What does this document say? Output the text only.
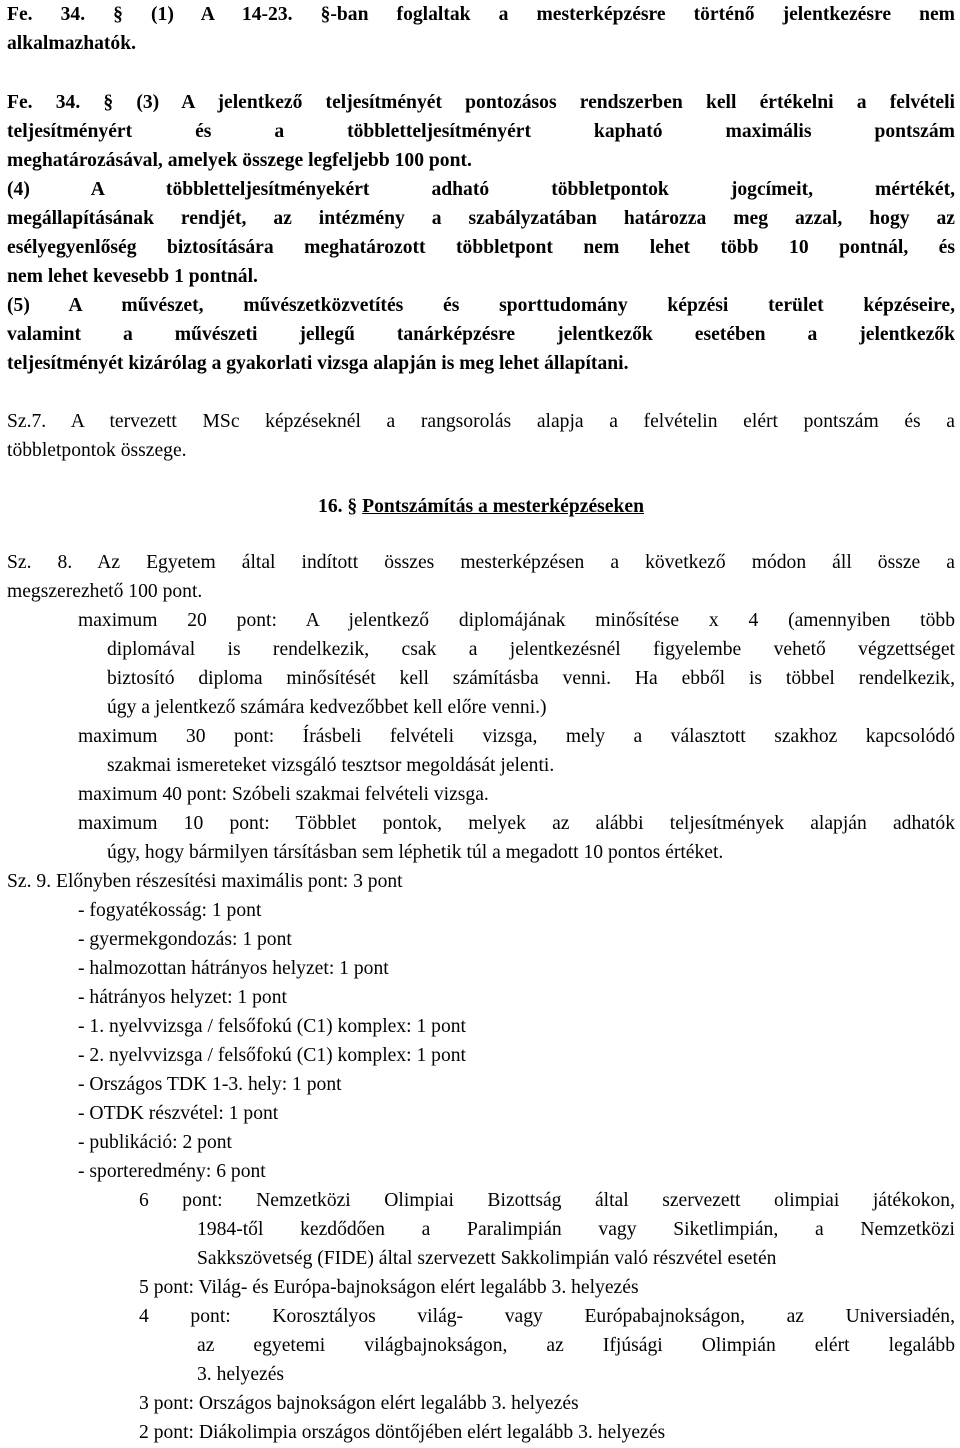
Fe. 34. § (1) A 14-23. §-ban foglaltak a mesterképzésre történő jelentkezésre nem
alkalmazhatók.
Fe. 34. § (3) A jelentkező teljesítményét pontozásos rendszerben kell értékelni a felvételi
teljesítményért és a többletteljesítményért kapható maximális pontszám
meghatározásával, amelyek összege legfeljebb 100 pont.
(4) A többletteljesítményekért adható többletpontok jogcímeit, mértékét,
megállapításának rendjét, az intézmény a szabályzatában határozza meg azzal, hogy az
esélyegyenlőség biztosítására meghatározott többletpont nem lehet több 10 pontnál, és
nem lehet kevesebb 1 pontnál.
(5) A művészet, művészetközvetítés és sporttudomány képzési terület képzéseire,
valamint a művészeti jellegű tanárképzésre jelentkezők esetében a jelentkezők
teljesítményét kizárólag a gyakorlati vizsga alapján is meg lehet állapítani.
Sz.7. A tervezett MSc képzéseknél a rangsorolás alapja a felvételin elért pontszám és a
többletpontok összege.
16. § Pontszámítás a mesterképzéseken
Sz. 8. Az Egyetem által indított összes mesterképzésen a következő módon áll össze a
megszerezhető 100 pont.
maximum 20 pont: A jelentkező diplomájának minősítése x 4 (amennyiben több
diplomával is rendelkezik, csak a jelentkezésnél figyelembe vehető végzettséget
biztosító diploma minősítését kell számításba venni. Ha ebből is többel rendelkezik,
úgy a jelentkező számára kedvezőbbet kell előre venni.)
maximum 30 pont: Írásbeli felvételi vizsga, mely a választott szakhoz kapcsolódó
szakmai ismereteket vizsgáló tesztsor megoldását jelenti.
maximum 40 pont: Szóbeli szakmai felvételi vizsga.
maximum 10 pont: Többlet pontok, melyek az alábbi teljesítmények alapján adhatók
úgy, hogy bármilyen társításban sem léphetik túl a megadott 10 pontos értéket.
Sz. 9. Előnyben részesítési maximális pont: 3 pont
- fogyatékosság: 1 pont
- gyermekgondozás: 1 pont
- halmozottan hátrányos helyzet: 1 pont
- hátrányos helyzet: 1 pont
- 1. nyelvvizsga / felsőfokú (C1) komplex: 1 pont
- 2. nyelvvizsga / felsőfokú (C1) komplex: 1 pont
- Országos TDK 1-3. hely: 1 pont
- OTDK részvétel: 1 pont
- publikáció: 2 pont
- sporteredmény: 6 pont
6 pont: Nemzetközi Olimpiai Bizottság által szervezett olimpiai játékokon,
1984-től kezdődően a Paralimpián vagy Siketlimpián, a Nemzetközi
Sakkszövetség (FIDE) által szervezett Sakkolimpián való részvétel esetén
5 pont: Világ- és Európa-bajnokságon elért legalább 3. helyezés
4 pont: Korosztályos világ- vagy Európabajnokságon, az Universiadén,
az egyetemi világbajnokságon, az Ifjúsági Olimpián elért legalább
3. helyezés
3 pont: Országos bajnokságon elért legalább 3. helyezés
2 pont: Diákolimpia országos döntőjében elért legalább 3. helyezés
